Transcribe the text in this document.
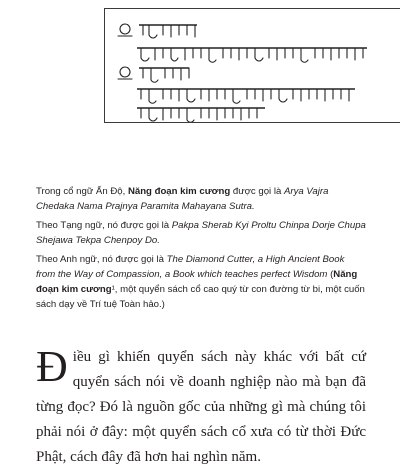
Trong cổ ngữ Ấn Độ, Năng đoạn kim cương được gọi là Arya Vajra Chedaka Nama Prajnya Paramita Mahayana Sutra.

Theo Tạng ngữ, nó được gọi là Pakpa Sherab Kyi Proltu Chinpa Dorje Chupa Shejawa Tekpa Chenpoy Do.

Theo Anh ngữ, nó được gọi là The Diamond Cutter, a High Ancient Book from the Way of Compassion, a Book which teaches perfect Wisdom (Năng đoạn kim cương¹, một quyển sách cổ cao quý từ con đường từ bi, một cuốn sách dạy về Trí tuệ Toàn hảo.)

Điều gì khiến quyển sách này khác với bất cứ quyển sách nói về doanh nghiệp nào mà bạn đã từng đọc? Đó là nguồn gốc của những gì mà chúng tôi phải nói ở đây: một quyển sách cổ xưa có từ thời Đức Phật, cách đây đã hơn hai nghìn năm.
